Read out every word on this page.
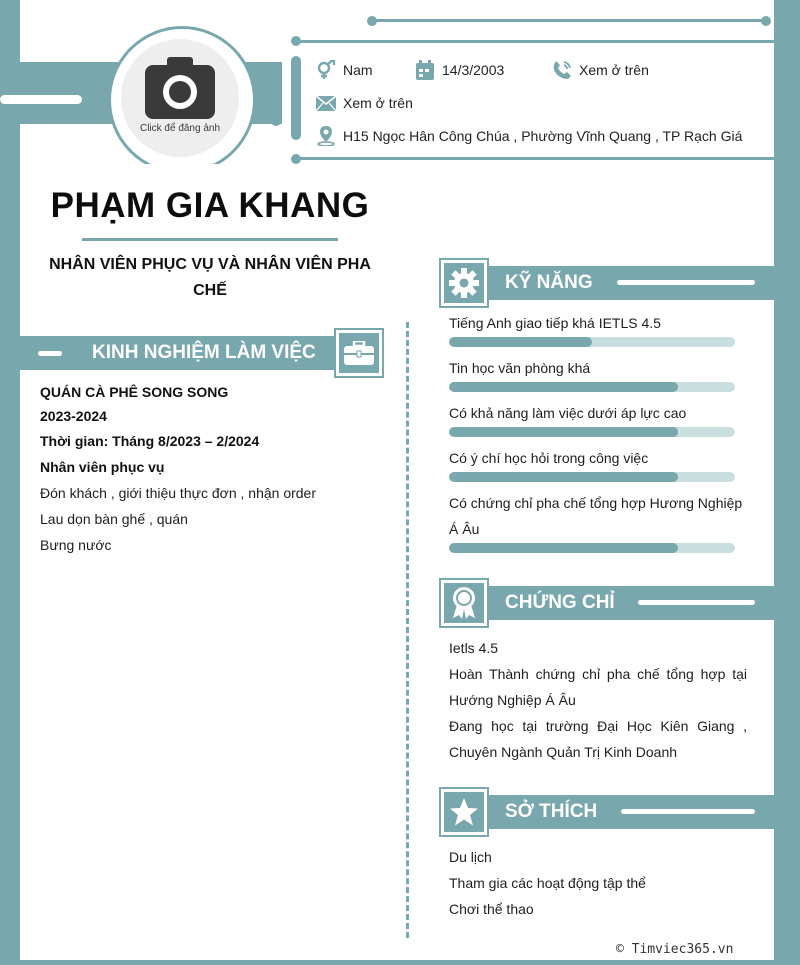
Click để đăng ảnh
Nam	14/3/2003	Xem ở trên
Xem ở trên
H15 Ngọc Hân Công Chúa , Phường Vĩnh Quang , TP Rạch Giá
PHẠM GIA KHANG
NHÂN VIÊN PHỤC VỤ VÀ NHÂN VIÊN PHA CHẾ
KINH NGHIỆM LÀM VIỆC
QUÁN CÀ PHÊ SONG SONG
2023-2024
Thời gian: Tháng 8/2023 – 2/2024
Nhân viên phục vụ
Đón khách , giới thiệu thực đơn , nhận order
Lau dọn bàn ghế , quán
Bưng nước
KỸ NĂNG
Tiếng Anh giao tiếp khá IETLS 4.5
Tin học văn phòng khá
Có khả năng làm việc dưới áp lực cao
Có ý chí học hỏi trong công việc
Có chứng chỉ pha chế tổng hợp Hương Nghiệp Á Âu
CHỨNG CHỈ
Ietls 4.5
Hoàn Thành chứng chỉ pha chế tổng hợp tại Hướng Nghiệp Á Âu
Đang học tại trường Đại Học Kiên Giang , Chuyên Ngành Quản Trị Kinh Doanh
SỞ THÍCH
Du lịch
Tham gia các hoạt động tập thể
Chơi thể thao
© Timviec365.vn
